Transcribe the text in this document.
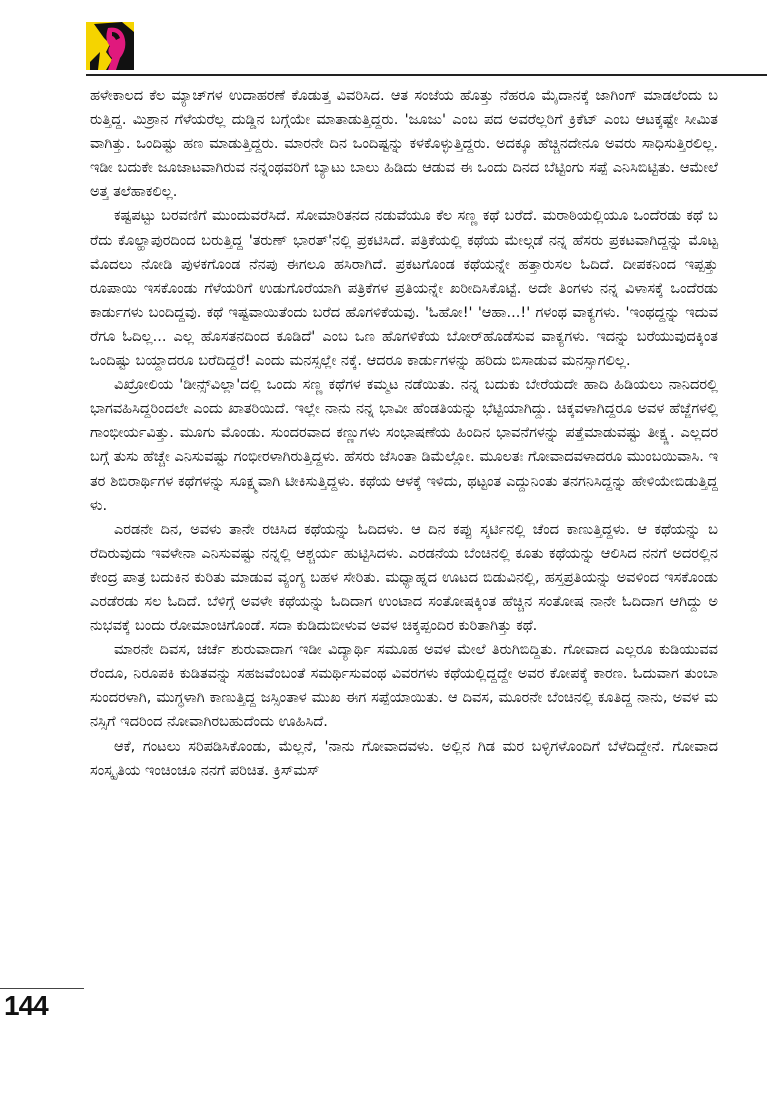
ಹಳೇಕಾಲದ ಕೆಲ ಮ್ಯಾಚ್‌ಗಳ ಉದಾಹರಣೆ ಕೊಡುತ್ತ ವಿವರಿಸಿದ. ಆತ ಸಂಜೆಯ ಹೊತ್ತು ನೆಹರೂ ಮೈದಾನಕ್ಕೆ ಜಾಗಿಂಗ್ ಮಾಡಲೆಂದು ಬರುತ್ತಿದ್ದ. ಮಿಶ್ರಾನ ಗೆಳೆಯರೆಲ್ಲ ದುಡ್ಡಿನ ಬಗ್ಗೆಯೇ ಮಾತಾಡುತ್ತಿದ್ದರು. 'ಜೂಜು' ಎಂಬ ಪದ ಅವರೆಲ್ಲರಿಗೆ ಕ್ರಿಕೆಟ್ ಎಂಬ ಆಟಕ್ಕಷ್ಟೇ ಸೀಮಿತವಾಗಿತ್ತು. ಒಂದಿಷ್ಟು ಹಣ ಮಾಡುತ್ತಿದ್ದರು. ಮಾರನೇ ದಿನ ಒಂದಿಷ್ಟನ್ನು ಕಳಕೊಳ್ಳುತ್ತಿದ್ದರು. ಅದಕ್ಕೂ ಹೆಚ್ಚಿನದೇನೂ ಅವರು ಸಾಧಿಸುತ್ತಿರಲಿಲ್ಲ. ಇಡೀ ಬದುಕೇ ಜೂಜಾಟವಾಗಿರುವ ನನ್ನಂಥವರಿಗೆ ಬ್ಯಾಟು ಬಾಲು ಹಿಡಿದು ಆಡುವ ಈ ಒಂದು ದಿನದ ಬೆಟ್ಟಿಂಗು ಸಪ್ಪೆ ಎನಿಸಿಬಿಟ್ಟಿತು. ಆಮೇಲೆ ಅತ್ತ ತಲೆಹಾಕಲಿಲ್ಲ.

ಕಷ್ಟಪಟ್ಟು ಬರವಣಿಗೆ ಮುಂದುವರೆಸಿದೆ. ಸೋಮಾರಿತನದ ನಡುವೆಯೂ ಕೆಲ ಸಣ್ಣ ಕಥೆ ಬರೆದೆ. ಮರಾಠಿಯಲ್ಲಿಯೂ ಒಂದೆರಡು ಕಥೆ ಬರೆದು ಕೊಲ್ಹಾಪುರದಿಂದ ಬರುತ್ತಿದ್ದ 'ತರುಣ್ ಭಾರತ್'ನಲ್ಲಿ ಪ್ರಕಟಿಸಿದೆ. ಪತ್ರಿಕೆಯಲ್ಲಿ ಕಥೆಯ ಮೇಲ್ಗಡೆ ನನ್ನ ಹೆಸರು ಪ್ರಕಟವಾಗಿದ್ದನ್ನು ಮೊಟ್ಟಮೊದಲು ನೋಡಿ ಪುಳಕಗೊಂಡ ನೆನಪು ಈಗಲೂ ಹಸಿರಾಗಿದೆ. ಪ್ರಕಟಗೊಂಡ ಕಥೆಯನ್ನೇ ಹತ್ತಾರುಸಲ ಓದಿದೆ. ದೀಪಕನಿಂದ ಇಪ್ಪತ್ತು ರೂಪಾಯಿ ಇಸಕೊಂಡು ಗೆಳೆಯರಿಗೆ ಉಡುಗೊರೆಯಾಗಿ ಪತ್ರಿಕೆಗಳ ಪ್ರತಿಯನ್ನೇ ಖರೀದಿಸಿಕೊಟ್ಟೆ. ಅದೇ ತಿಂಗಳು ನನ್ನ ವಿಳಾಸಕ್ಕೆ ಒಂದೆರಡು ಕಾರ್ಡುಗಳು ಬಂದಿದ್ದವು. ಕಥೆ ಇಷ್ಟವಾಯಿತೆಂದು ಬರೆದ ಹೊಗಳಿಕೆಯವು. 'ಓಹೋ!' 'ಆಹಾ...!' ಗಳಂಥ ವಾಕ್ಯಗಳು. 'ಇಂಥದ್ದನ್ನು ಇದುವರೆಗೂ ಓದಿಲ್ಲ... ಎಲ್ಲ ಹೊಸತನದಿಂದ ಕೂಡಿದೆ' ಎಂಬ ಒಣ ಹೊಗಳಿಕೆಯ ಬೋರ್‌ಹೊಡೆಸುವ ವಾಕ್ಯಗಳು. ಇದನ್ನು ಬರೆಯುವುದಕ್ಕಿಂತ ಒಂದಿಷ್ಟು ಬಯ್ದಾದರೂ ಬರೆದಿದ್ದರೆ! ಎಂದು ಮನಸ್ಸಲ್ಲೇ ನಕ್ಕೆ. ಆದರೂ ಕಾರ್ಡುಗಳನ್ನು ಹರಿದು ಬಿಸಾಡುವ ಮನಸ್ಸಾಗಲಿಲ್ಲ.

ವಿಖ್ರೋಲಿಯ 'ಡೀನ್ಸ್‌ವಿಲ್ಲಾ'ದಲ್ಲಿ ಒಂದು ಸಣ್ಣ ಕಥೆಗಳ ಕಮ್ಮಟ ನಡೆಯಿತು. ನನ್ನ ಬದುಕು ಬೇರೆಯದೇ ಹಾದಿ ಹಿಡಿಯಲು ನಾನಿದರಲ್ಲಿ ಭಾಗವಹಿಸಿದ್ದರಿಂದಲೇ ಎಂದು ಖಾತರಿಯಿದೆ. ಇಲ್ಲೇ ನಾನು ನನ್ನ ಭಾವೀ ಹೆಂಡತಿಯನ್ನು ಭೆಟ್ಟಿಯಾಗಿದ್ದು. ಚಿಕ್ಕವಳಾಗಿದ್ದರೂ ಅವಳ ಹೆಜ್ಜೆಗಳಲ್ಲಿ ಗಾಂಭೀರ್ಯವಿತ್ತು. ಮೂಗು ಮೊಂಡು. ಸುಂದರವಾದ ಕಣ್ಣುಗಳು ಸಂಭಾಷಣೆಯ ಹಿಂದಿನ ಭಾವನೆಗಳನ್ನು ಪತ್ತೆಮಾಡುವಷ್ಟು ತೀಕ್ಷ್ಣ. ಎಲ್ಲದರ ಬಗ್ಗೆ ತುಸು ಹೆಚ್ಚೇ ಎನಿಸುವಷ್ಟು ಗಂಭೀರಳಾಗಿರುತ್ತಿದ್ದಳು. ಹೆಸರು ಜೆಸಿಂತಾ ಡಿಮೆಲ್ಲೋ. ಮೂಲತಃ ಗೋವಾದವಳಾದರೂ ಮುಂಬಯಿವಾಸಿ. ಇತರ ಶಿಬಿರಾರ್ಥಿಗಳ ಕಥೆಗಳನ್ನು ಸೂಕ್ಷ್ಮವಾಗಿ ಟೀಕಿಸುತ್ತಿದ್ದಳು. ಕಥೆಯ ಆಳಕ್ಕೆ ಇಳಿದು, ಥಟ್ಟಂತ ಎದ್ದುನಿಂತು ತನಗನಿಸಿದ್ದನ್ನು ಹೇಳಿಯೇಬಿಡುತ್ತಿದ್ದಳು.

ಎರಡನೇ ದಿನ, ಅವಳು ತಾನೇ ರಚಿಸಿದ ಕಥೆಯನ್ನು ಓದಿದಳು. ಆ ದಿನ ಕಪ್ಪು ಸ್ಕರ್ಟಿನಲ್ಲಿ ಚೆಂದ ಕಾಣುತ್ತಿದ್ದಳು. ಆ ಕಥೆಯನ್ನು ಬರೆದಿರುವುದು ಇವಳೇನಾ ಎನಿಸುವಷ್ಟು ನನ್ನಲ್ಲಿ ಆಶ್ಚರ್ಯ ಹುಟ್ಟಿಸಿದಳು. ಎರಡನೆಯ ಬೆಂಚಿನಲ್ಲಿ ಕೂತು ಕಥೆಯನ್ನು ಆಲಿಸಿದ ನನಗೆ ಅದರಲ್ಲಿನ ಕೇಂದ್ರ ಪಾತ್ರ ಬದುಕಿನ ಕುರಿತು ಮಾಡುವ ವ್ಯಂಗ್ಯ ಬಹಳ ಸೇರಿತು. ಮಧ್ಯಾಹ್ನದ ಊಟದ ಬಿಡುವಿನಲ್ಲಿ, ಹಸ್ತಪ್ರತಿಯನ್ನು ಅವಳಿಂದ ಇಸಕೊಂಡು ಎರಡೆರಡು ಸಲ ಓದಿದೆ. ಬೆಳಿಗ್ಗೆ ಅವಳೇ ಕಥೆಯನ್ನು ಓದಿದಾಗ ಉಂಟಾದ ಸಂತೋಷಕ್ಕಿಂತ ಹೆಚ್ಚಿನ ಸಂತೋಷ ನಾನೇ ಓದಿದಾಗ ಆಗಿದ್ದು ಅನುಭವಕ್ಕೆ ಬಂದು ರೋಮಾಂಚಿಗೊಂಡೆ. ಸದಾ ಕುಡಿದುಬೀಳುವ ಅವಳ ಚಿಕ್ಕಪ್ಪಂದಿರ ಕುರಿತಾಗಿತ್ತು ಕಥೆ.

ಮಾರನೇ ದಿವಸ, ಚರ್ಚೆ ಶುರುವಾದಾಗ ಇಡೀ ವಿದ್ಯಾರ್ಥಿ ಸಮೂಹ ಅವಳ ಮೇಲೆ ತಿರುಗಿಬಿದ್ದಿತು. ಗೋವಾದ ಎಲ್ಲರೂ ಕುಡಿಯುವವರೆಂದೂ, ನಿರೂಪಕಿ ಕುಡಿತವನ್ನು ಸಹಜವೆಂಬಂತೆ ಸಮರ್ಥಿಸುವಂಥ ವಿವರಗಳು ಕಥೆಯಲ್ಲಿದ್ದದ್ದೇ ಅವರ ಕೋಪಕ್ಕೆ ಕಾರಣ. ಓದುವಾಗ ತುಂಬಾ ಸುಂದರಳಾಗಿ, ಮುಗ್ಧಳಾಗಿ ಕಾಣುತ್ತಿದ್ದ ಜಸ್ಸಿಂತಾಳ ಮುಖ ಈಗ ಸಪ್ಪೆಯಾಯಿತು. ಆ ದಿವಸ, ಮೂರನೇ ಬೆಂಚಿನಲ್ಲಿ ಕೂತಿದ್ದ ನಾನು, ಅವಳ ಮನಸ್ಸಿಗೆ ಇದರಿಂದ ನೋವಾಗಿರಬಹುದೆಂದು ಊಹಿಸಿದೆ.

ಆಕೆ, ಗಂಟಲು ಸರಿಪಡಿಸಿಕೊಂಡು, ಮೆಲ್ಲನೆ, 'ನಾನು ಗೋವಾದವಳು. ಅಲ್ಲಿನ ಗಿಡ ಮರ ಬಳ್ಳಿಗಳೊಂದಿಗೆ ಬೆಳೆದಿದ್ದೇನೆ. ಗೋವಾದ ಸಂಸ್ಕೃತಿಯ ಇಂಚಿಂಚೂ ನನಗೆ ಪರಿಚಿತ. ಕ್ರಿಸ್‌ಮಸ್

144
